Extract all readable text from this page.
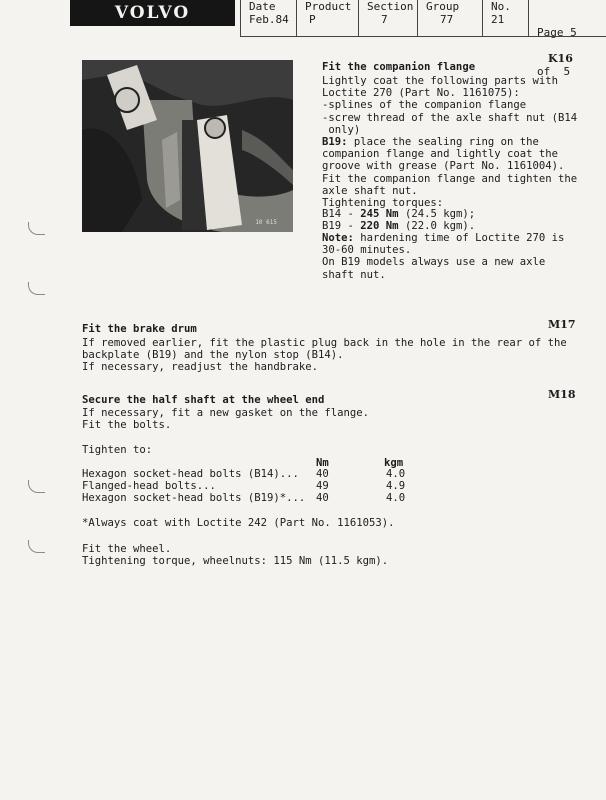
VOLVO	Date
Feb.84
Product
P
Section
7
Group
77
No.
21

Page 5

of  5

10 615
K16
Fit the companion flange
Lightly coat the following parts with
Loctite 270 (Part No. 1161075):
-splines of the companion flange
-screw thread of the axle shaft nut (B14
only)
B19: place the sealing ring on the
companion flange and lightly coat the
groove with grease (Part No. 1161004).
Fit the companion flange and tighten the
axle shaft nut.
Tightening torques:
B14 - 245 Nm (24.5 kgm);
B19 - 220 Nm (22.0 kgm).
Note: hardening time of Loctite 270 is
30-60 minutes.
On B19 models always use a new axle
shaft nut.
M17
Fit the brake drum
If removed earlier, fit the plastic plug back in the hole in the rear of the
backplate (B19) and the nylon stop (B14).
If necessary, readjust the handbrake.
M18
Secure the half shaft at the wheel end
If necessary, fit a new gasket on the flange.
Fit the bolts.
Tighten to:
Nm	kgm
Hexagon socket-head bolts (B14)... 40	4.0
Flanged-head bolts...	49	4.9
Hexagon socket-head bolts (B19)*... 40	4.0
*Always coat with Loctite 242 (Part No. 1161053).
Fit the wheel.
Tightening torque, wheelnuts: 115 Nm (11.5 kgm).
